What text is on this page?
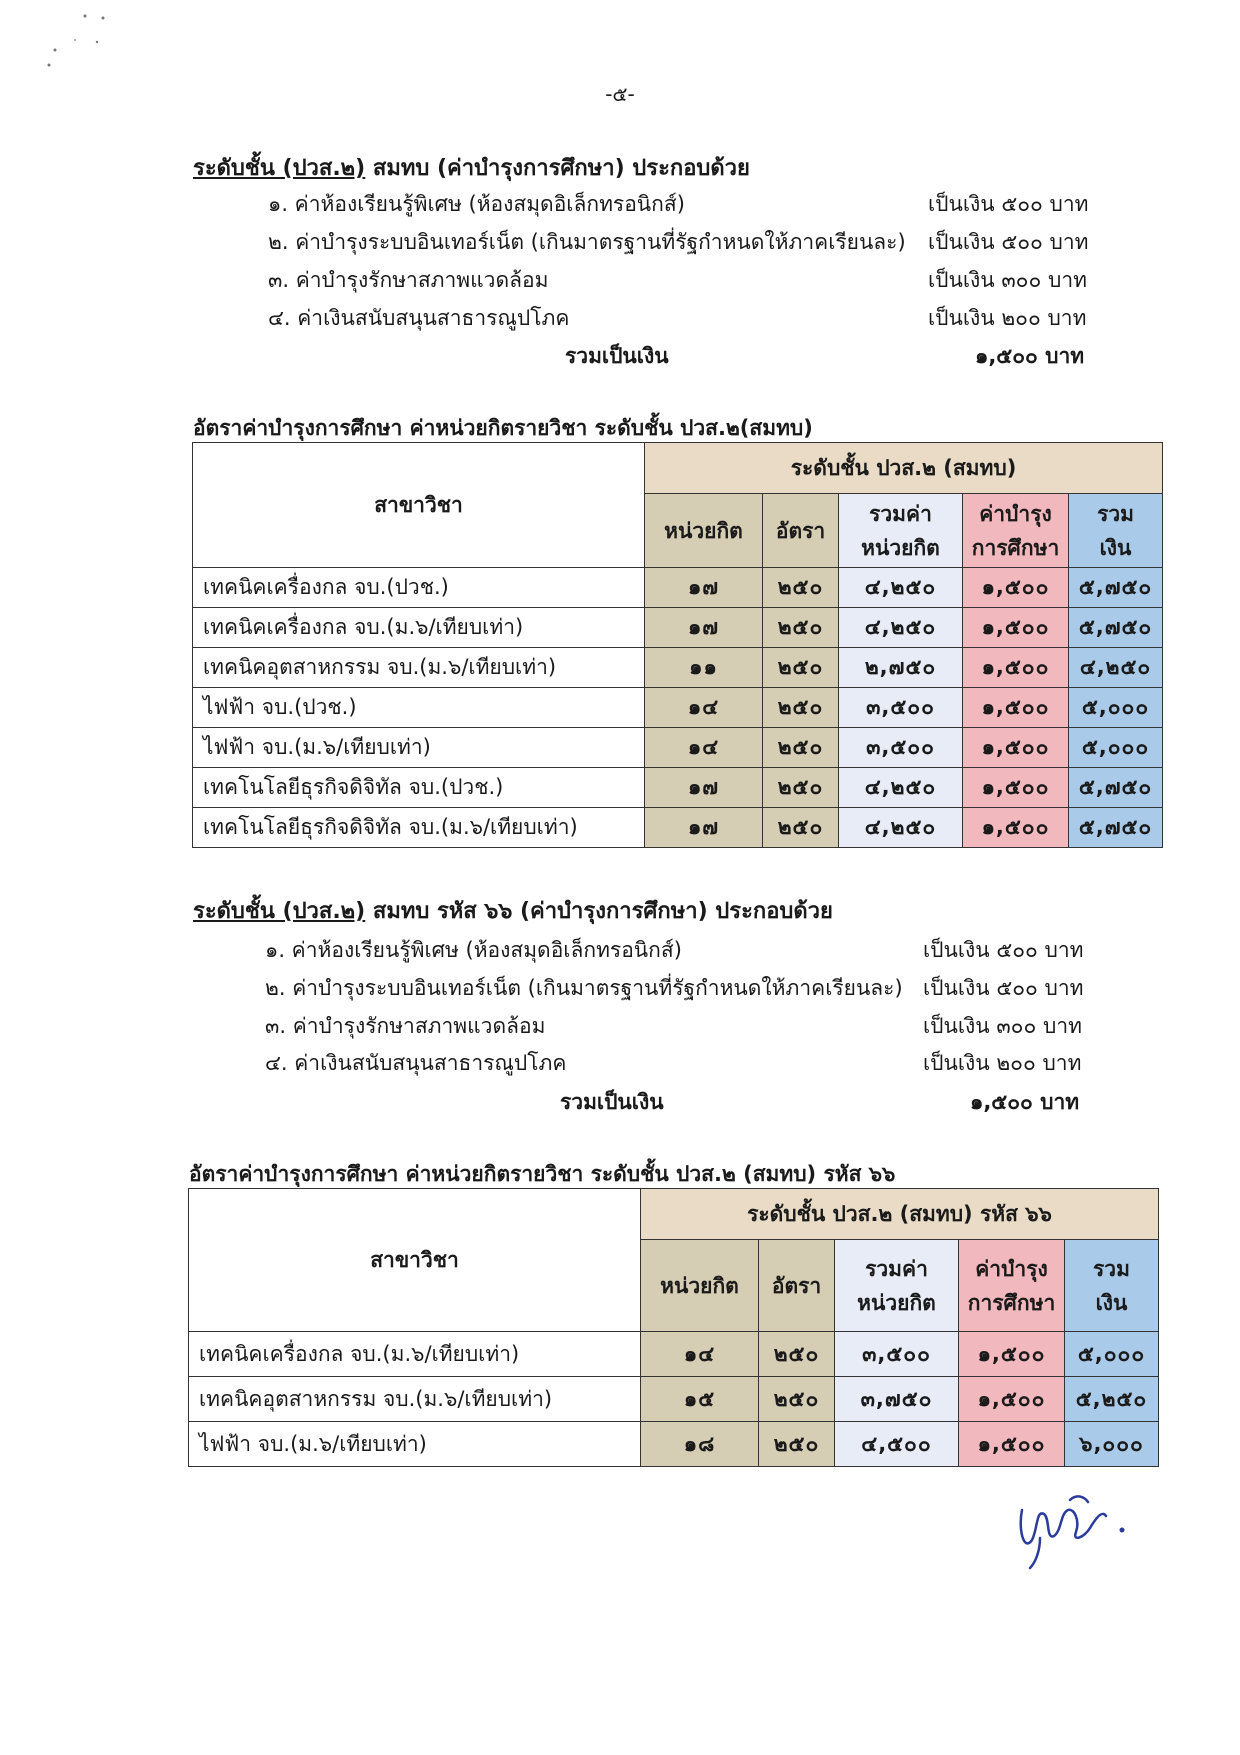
-๕-
ระดับชั้น (ปวส.๒) สมทบ (ค่าบำรุงการศึกษา) ประกอบด้วย
๑. ค่าห้องเรียนรู้พิเศษ (ห้องสมุดอิเล็กทรอนิกส์)	เป็นเงิน ๕๐๐ บาท
๒. ค่าบำรุงระบบอินเทอร์เน็ต (เกินมาตรฐานที่รัฐกำหนดให้ภาคเรียนละ) เป็นเงิน ๕๐๐ บาท
๓. ค่าบำรุงรักษาสภาพแวดล้อม	เป็นเงิน ๓๐๐ บาท
๔. ค่าเงินสนับสนุนสาธารณูปโภค	เป็นเงิน ๒๐๐ บาท
รวมเป็นเงิน	๑,๕๐๐ บาท
อัตราค่าบำรุงการศึกษา ค่าหน่วยกิตรายวิชา ระดับชั้น ปวส.๒(สมทบ)
สาขาวิชา	ระดับชั้น ปวส.๒ (สมทบ)				
	หน่วยกิต	อัตรา	รวมค่า
หน่วยกิต	ค่าบำรุง
การศึกษา	รวม
เงิน
เทคนิคเครื่องกล จบ.(ปวช.)	๑๗	๒๕๐	๔,๒๕๐	๑,๕๐๐	๕,๗๕๐
เทคนิคเครื่องกล จบ.(ม.๖/เทียบเท่า)	๑๗	๒๕๐	๔,๒๕๐	๑,๕๐๐	๕,๗๕๐
เทคนิคอุตสาหกรรม จบ.(ม.๖/เทียบเท่า)	๑๑	๒๕๐	๒,๗๕๐	๑,๕๐๐	๔,๒๕๐
ไฟฟ้า จบ.(ปวช.)	๑๔	๒๕๐	๓,๕๐๐	๑,๕๐๐	๕,๐๐๐
ไฟฟ้า จบ.(ม.๖/เทียบเท่า)	๑๔	๒๕๐	๓,๕๐๐	๑,๕๐๐	๕,๐๐๐
เทคโนโลยีธุรกิจดิจิทัล จบ.(ปวช.)	๑๗	๒๕๐	๔,๒๕๐	๑,๕๐๐	๕,๗๕๐
เทคโนโลยีธุรกิจดิจิทัล จบ.(ม.๖/เทียบเท่า)	๑๗	๒๕๐	๔,๒๕๐	๑,๕๐๐	๕,๗๕๐
ระดับชั้น (ปวส.๒) สมทบ รหัส ๖๖ (ค่าบำรุงการศึกษา) ประกอบด้วย
๑. ค่าห้องเรียนรู้พิเศษ (ห้องสมุดอิเล็กทรอนิกส์)	เป็นเงิน ๕๐๐ บาท
๒. ค่าบำรุงระบบอินเทอร์เน็ต (เกินมาตรฐานที่รัฐกำหนดให้ภาคเรียนละ) เป็นเงิน ๕๐๐ บาท
๓. ค่าบำรุงรักษาสภาพแวดล้อม	เป็นเงิน ๓๐๐ บาท
๔. ค่าเงินสนับสนุนสาธารณูปโภค	เป็นเงิน ๒๐๐ บาท
รวมเป็นเงิน	๑,๕๐๐ บาท
อัตราค่าบำรุงการศึกษา ค่าหน่วยกิตรายวิชา ระดับชั้น ปวส.๒ (สมทบ) รหัส ๖๖
สาขาวิชา	ระดับชั้น ปวส.๒ (สมทบ) รหัส ๖๖				
	หน่วยกิต	อัตรา	รวมค่า
หน่วยกิต	ค่าบำรุง
การศึกษา	รวม
เงิน
เทคนิคเครื่องกล จบ.(ม.๖/เทียบเท่า)	๑๔	๒๕๐	๓,๕๐๐	๑,๕๐๐	๕,๐๐๐
เทคนิคอุตสาหกรรม จบ.(ม.๖/เทียบเท่า)	๑๕	๒๕๐	๓,๗๕๐	๑,๕๐๐	๕,๒๕๐
ไฟฟ้า จบ.(ม.๖/เทียบเท่า)	๑๘	๒๕๐	๔,๕๐๐	๑,๕๐๐	๖,๐๐๐
